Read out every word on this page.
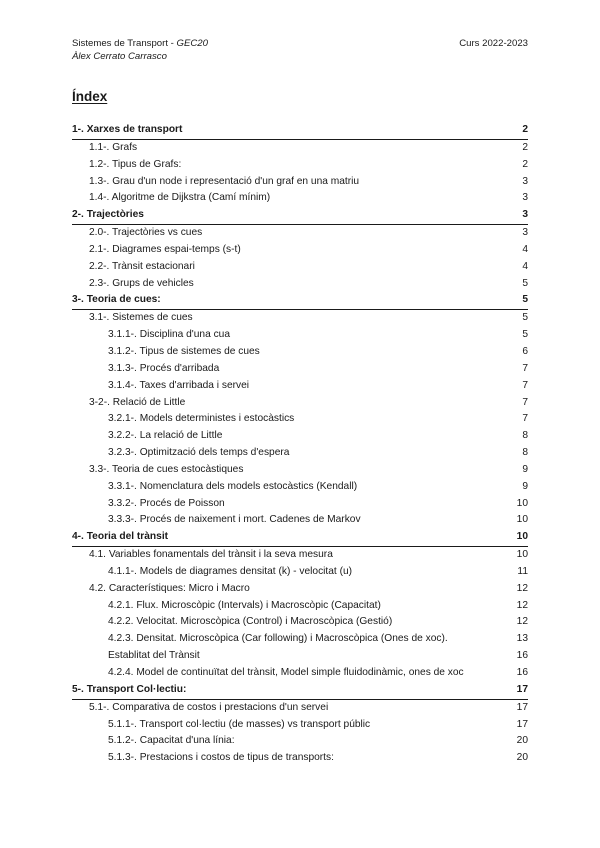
Sistemes de Transport - GEC20
Àlex Cerrato Carrasco
Curs 2022-2023
Índex
1-. Xarxes de transport	2
1.1-. Grafs	2
1.2-. Tipus de Grafs:	2
1.3-. Grau d'un node i representació d'un graf en una matriu	3
1.4-. Algoritme de Dijkstra (Camí mínim)	3
2-. Trajectòries	3
2.0-. Trajectòries vs cues	3
2.1-. Diagrames espai-temps (s-t)	4
2.2-. Trànsit estacionari	4
2.3-. Grups de vehicles	5
3-. Teoria de cues:	5
3.1-. Sistemes de cues	5
3.1.1-. Disciplina d'una cua	5
3.1.2-. Tipus de sistemes de cues	6
3.1.3-. Procés d'arribada	7
3.1.4-. Taxes d'arribada i servei	7
3-2-. Relació de Little	7
3.2.1-. Models deterministes i estocàstics	7
3.2.2-. La relació de Little	8
3.2.3-. Optimització dels temps d'espera	8
3.3-. Teoria de cues estocàstiques	9
3.3.1-. Nomenclatura dels models estocàstics (Kendall)	9
3.3.2-. Procés de Poisson	10
3.3.3-. Procés de naixement i mort. Cadenes de Markov	10
4-. Teoria del trànsit	10
4.1. Variables fonamentals del trànsit i la seva mesura	10
4.1.1-. Models de diagrames densitat (k) - velocitat (u)	11
4.2. Característiques: Micro i Macro	12
4.2.1. Flux. Microscòpic (Intervals) i Macroscòpic (Capacitat)	12
4.2.2. Velocitat. Microscòpica (Control) i Macroscòpica (Gestió)	12
4.2.3. Densitat. Microscòpica (Car following) i Macroscòpica (Ones de xoc).	13
Establitat del Trànsit	16
4.2.4. Model de continuïtat del trànsit, Model simple fluidodinàmic, ones de xoc	16
5-. Transport Col·lectiu:	17
5.1-. Comparativa de costos i prestacions d'un servei	17
5.1.1-. Transport col·lectiu (de masses) vs transport públic	17
5.1.2-. Capacitat d'una línia:	20
5.1.3-. Prestacions i costos de tipus de transports:	20
